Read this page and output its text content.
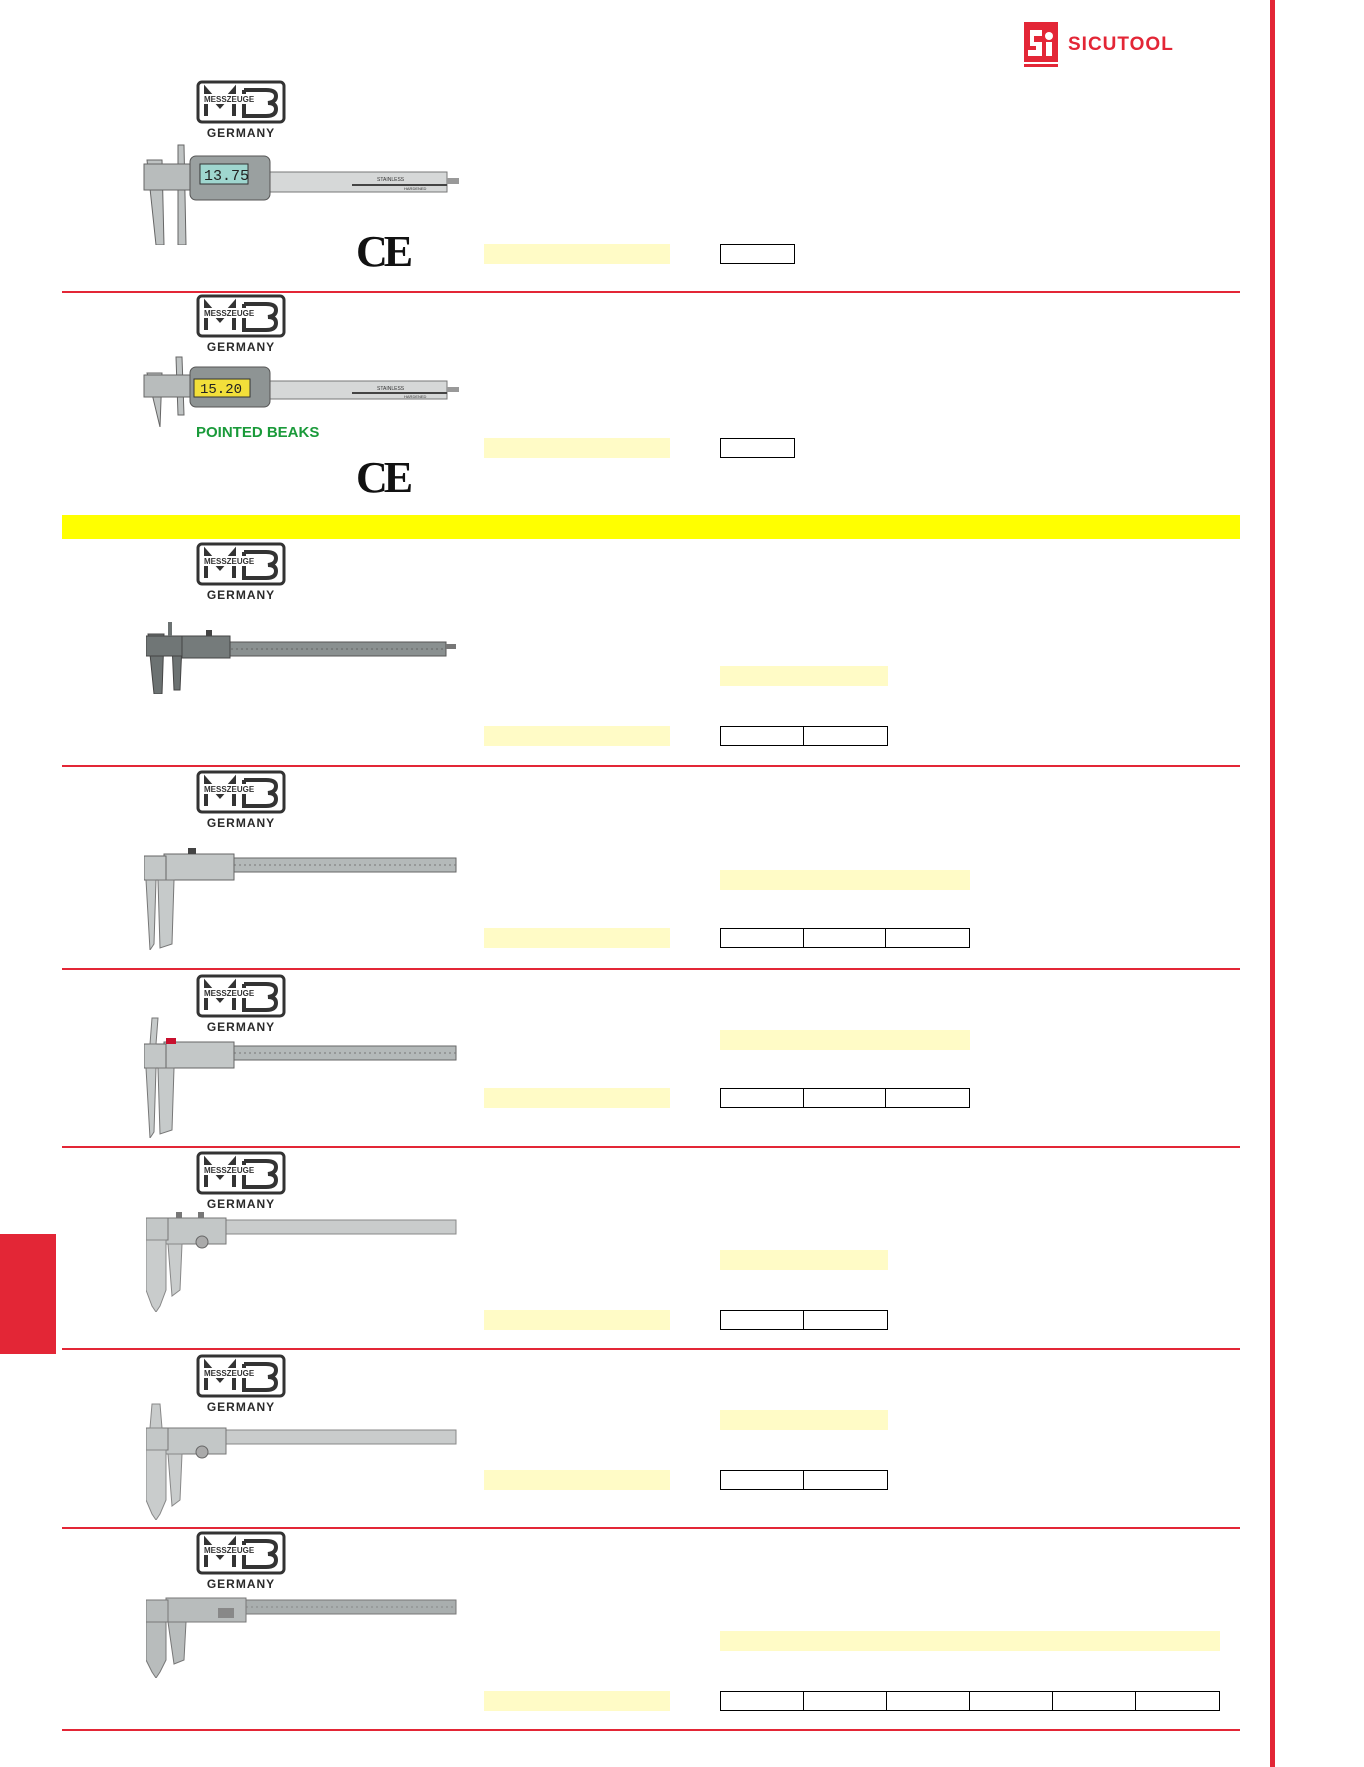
SICUTOOL
MESSZEUGE
GERMANY
13.75	STAINLESS
HARDENED
CE
MESSZEUGE
GERMANY
15.20	STAINLESS
HARDENED
POINTED BEAKS
CE
MESSZEUGE
GERMANY
MESSZEUGE
GERMANY
MESSZEUGE
GERMANY
MESSZEUGE
GERMANY
MESSZEUGE
GERMANY
MESSZEUGE
GERMANY
